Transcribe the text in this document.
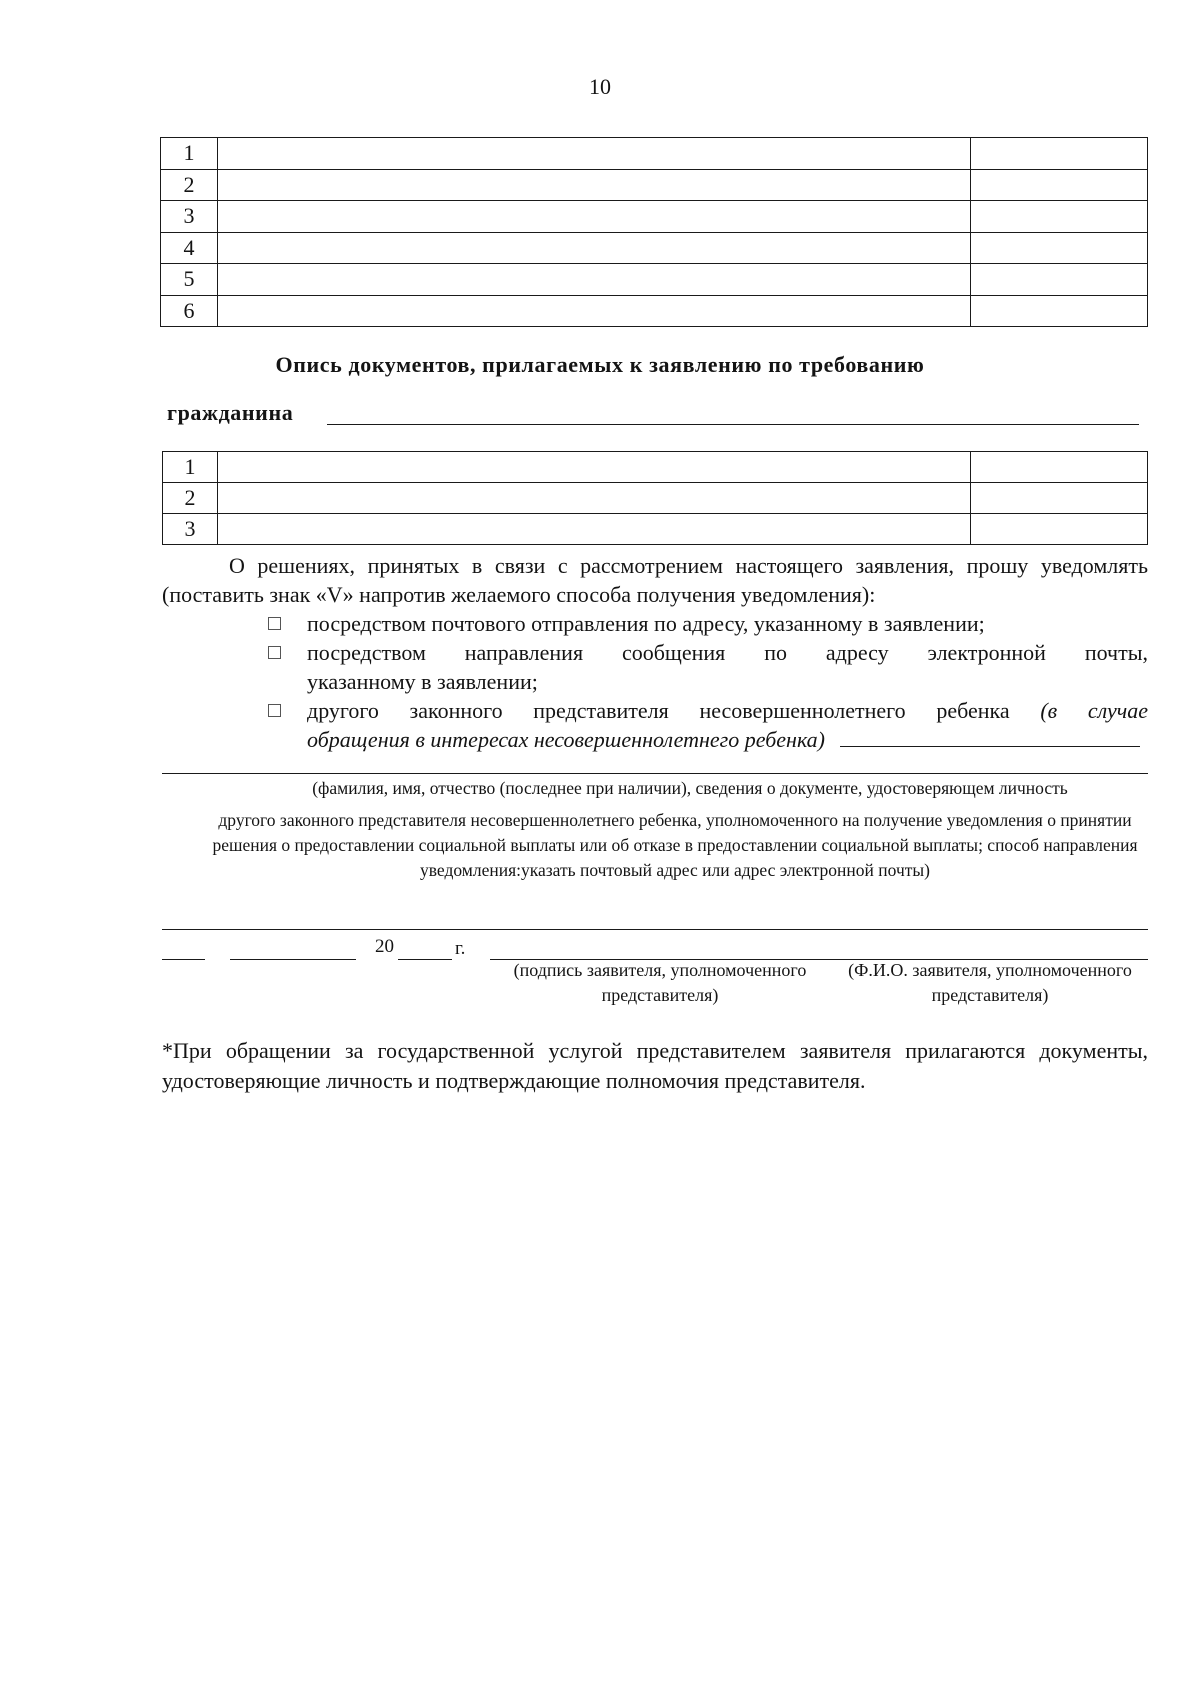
10
1		
2		
3		
4		
5		
6		
Опись документов, прилагаемых к заявлению по требованию
гражданина
1		
2		
3		
О решениях, принятых в связи с рассмотрением настоящего заявления, прошу уведомлять (поставить знак «V» напротив желаемого способа получения уведомления):
посредством почтового отправления по адресу, указанному в заявлении;
посредством направления сообщения по адресу электронной почты,
указанному в заявлении;
другого законного представителя несовершеннолетнего ребенка (в случае
обращения в интересах несовершеннолетнего ребенка)
(фамилия, имя, отчество (последнее при наличии), сведения о документе, удостоверяющем личность
другого законного представителя несовершеннолетнего ребенка, уполномоченного на получение уведомления о принятии решения о предоставлении социальной выплаты или об отказе в предоставлении социальной выплаты; способ направления уведомления:указать почтовый адрес или адрес электронной почты)
20	г.
(подпись заявителя, уполномоченного представителя)
(Ф.И.О. заявителя, уполномоченного представителя)
*При обращении за государственной услугой представителем заявителя прилагаются документы, удостоверяющие личность и подтверждающие полномочия представителя.
